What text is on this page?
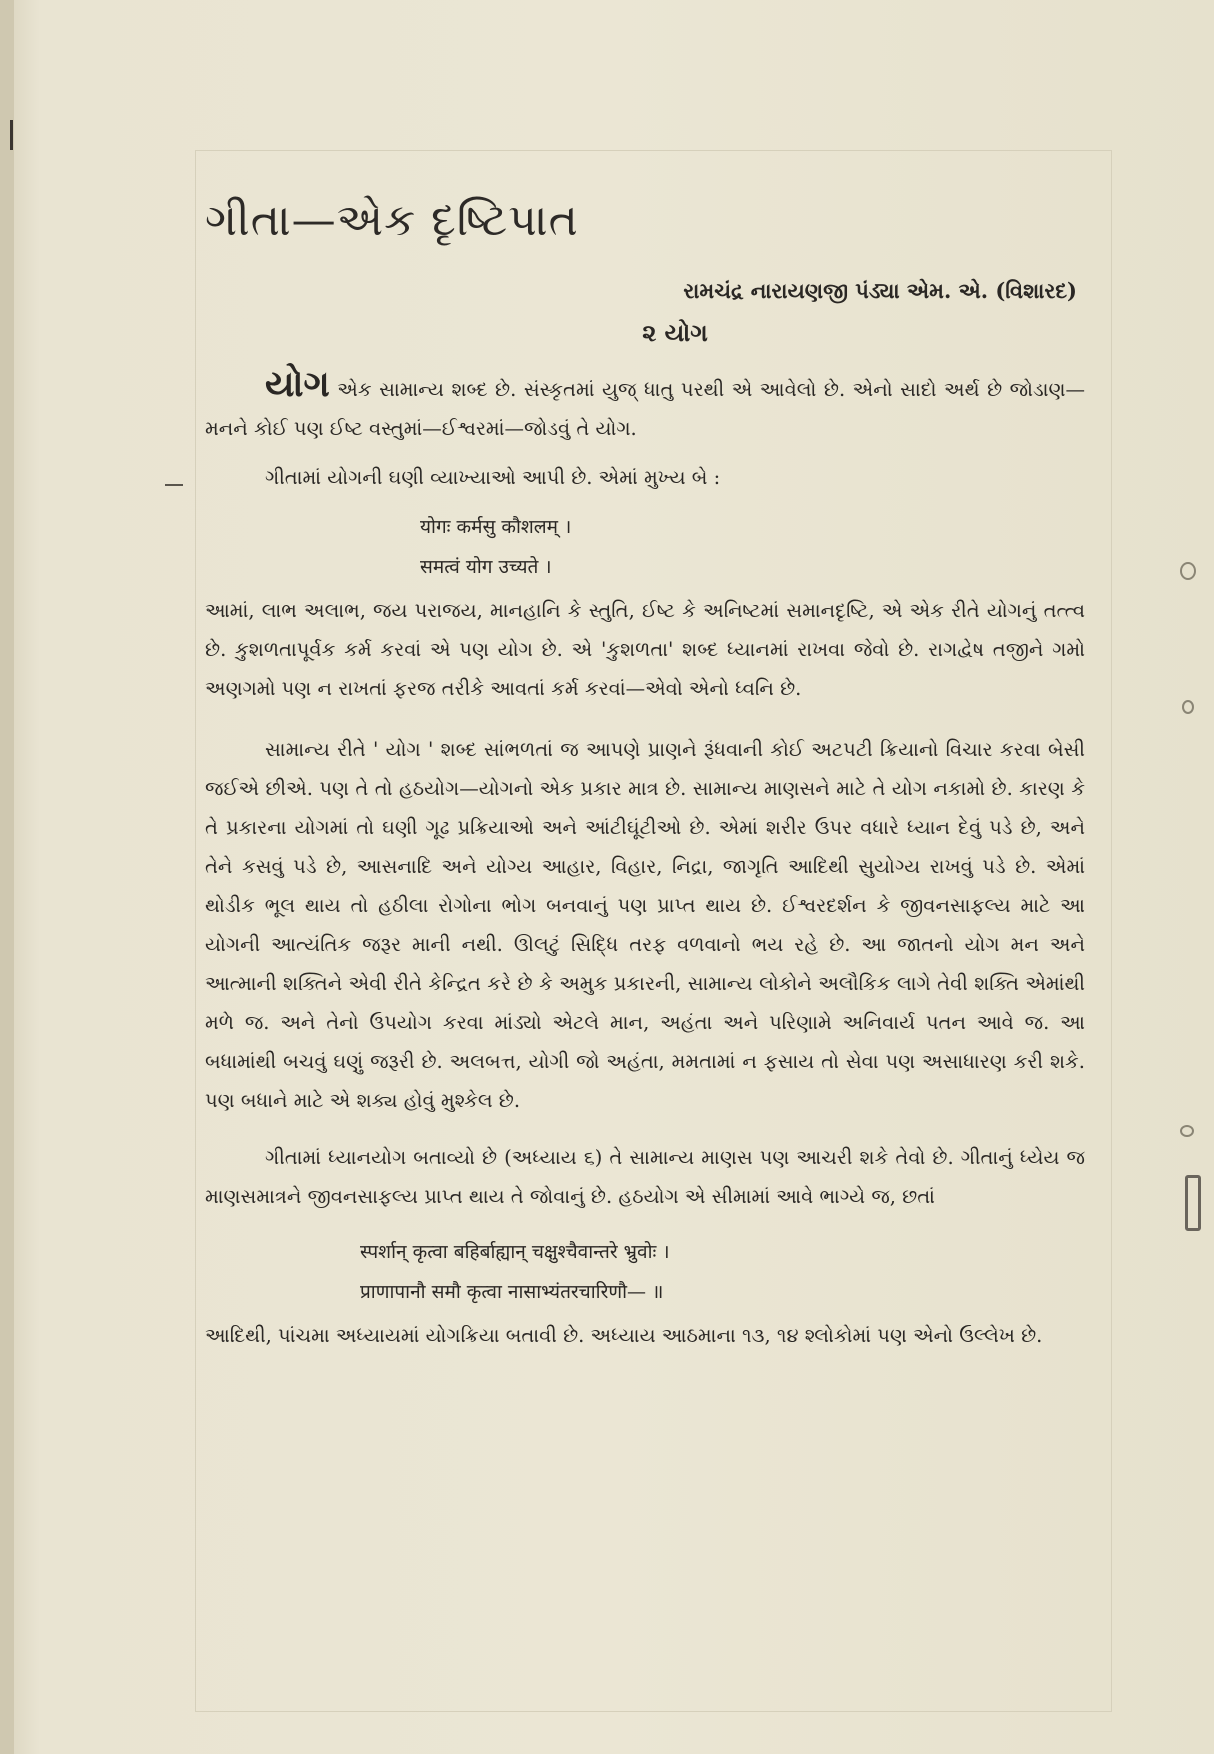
ગીતા—એક દૃષ્ટિપાત
રામચંદ્ર નારાયણજી પંડ્યા એમ. એ. (વિશારદ)
૨ યોગ

યોગ એક સામાન્ય શબ્દ છે. સંસ્કૃતમાં યુજ્ ધાતુ પરથી એ આવેલો છે. એનો સાદો અર્થ છે જોડાણ—મનને કોઈ પણ ઈષ્ટ વસ્તુમાં—ઈશ્વરમાં—જોડવું તે યોગ.

ગીતામાં યોગની ઘણી વ્યાખ્યાઓ આપી છે. એમાં મુખ્ય બે :

योगः कर्मसु कौशलम् ।
समत्वं योग उच्यते ।

આમાં, લાભ અલાભ, જય પરાજય, માનહાનિ કે સ્તુતિ, ઈષ્ટ કે અનિષ્ટમાં સમાનદૃષ્ટિ, એ એક રીતે યોગનું તત્ત્વ છે. કુશળતાપૂર્વક કર્મ કરવાં એ પણ યોગ છે. એ 'કુશળતા' શબ્દ ધ્યાનમાં રાખવા જેવો છે. રાગદ્વેષ તજીને ગમો અણગમો પણ ન રાખતાં ફરજ તરીકે આવતાં કર્મ કરવાં—એવો એનો ધ્વનિ છે.

સામાન્ય રીતે ' યોગ ' શબ્દ સાંભળતાં જ આપણે પ્રાણને રૂંધવાની કોઈ અટપટી ક્રિયાનો વિચાર કરવા બેસી જઈએ છીએ. પણ તે તો હઠયોગ—યોગનો એક પ્રકાર માત્ર છે. સામાન્ય માણસને માટે તે યોગ નકામો છે. કારણ કે તે પ્રકારના યોગમાં તો ઘણી ગૂઢ પ્રક્રિયાઓ અને આંટીઘૂંટીઓ છે. એમાં શરીર ઉપર વધારે ધ્યાન દેવું પડે છે, અને તેને કસવું પડે છે, આસનાદિ અને યોગ્ય આહાર, વિહાર, નિદ્રા, જાગૃતિ આદિથી સુયોગ્ય રાખવું પડે છે. એમાં થોડીક ભૂલ થાય તો હઠીલા રોગોના ભોગ બનવાનું પણ પ્રાપ્ત થાય છે. ઈશ્વરદર્શન કે જીવનસાફલ્ય માટે આ યોગની આત્યંતિક જરૂર માની નથી. ઊલટું સિદ્ધિ તરફ વળવાનો ભય રહે છે. આ જાતનો યોગ મન અને આત્માની શક્તિને એવી રીતે કેન્દ્રિત કરે છે કે અમુક પ્રકારની, સામાન્ય લોકોને અલૌકિક લાગે તેવી શક્તિ એમાંથી મળે જ. અને તેનો ઉપયોગ કરવા માંડ્યો એટલે માન, અહંતા અને પરિણામે અનિવાર્ય પતન આવે જ. આ બધામાંથી બચવું ઘણું જરૂરી છે. અલબત્ત, યોગી જો અહંતા, મમતામાં ન ફસાય તો સેવા પણ અસાધારણ કરી શકે. પણ બધાને માટે એ શક્ય હોવું મુશ્કેલ છે.

ગીતામાં ધ્યાનયોગ બતાવ્યો છે (અધ્યાય ૬) તે સામાન્ય માણસ પણ આચરી શકે તેવો છે. ગીતાનું ધ્યેય જ માણસમાત્રને જીવનસાફલ્ય પ્રાપ્ત થાય તે જોવાનું છે. હઠયોગ એ સીમામાં આવે ભાગ્યે જ, છતાં

स्पर्शान् कृत्वा बहिर्बाह्यान् चक्षुश्चैवान्तरे भ्रुवोः ।
प्राणापानौ समौ कृत्वा नासाभ्यंतरचारिणौ— ॥

આદિથી, પાંચમા અધ્યાયમાં યોગક્રિયા બતાવી છે. અધ્યાય આઠમાના ૧૩, ૧૪ શ્લોકોમાં પણ એનો ઉલ્લેખ છે.
